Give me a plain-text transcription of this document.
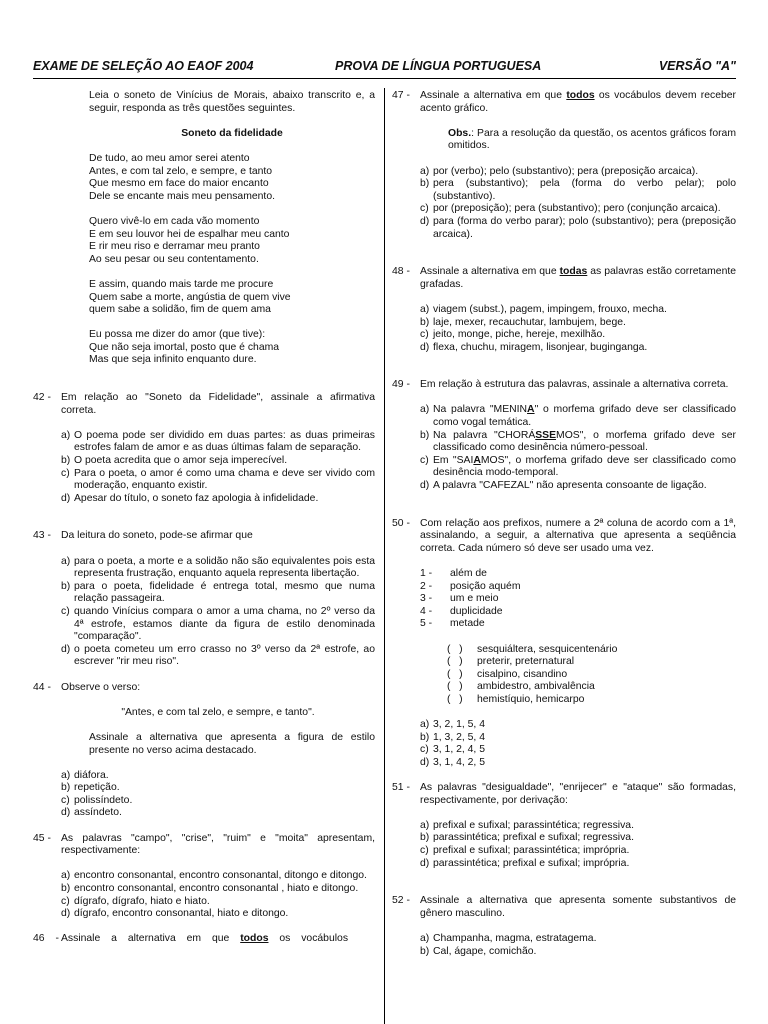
EXAME DE SELEÇÃO AO EAOF 2004	PROVA DE LÍNGUA PORTUGUESA	VERSÃO "A"
Leia o soneto de Vinícius de Morais, abaixo transcrito e, a seguir, responda as três questões seguintes.
Soneto da fidelidade
De tudo, ao meu amor serei atento
Antes, e com tal zelo, e sempre, e tanto
Que mesmo em face do maior encanto
Dele se encante mais meu pensamento.
Quero vivê-lo em cada vão momento
E em seu louvor hei de espalhar meu canto
E rir meu riso e derramar meu pranto
Ao seu pesar ou seu contentamento.
E assim, quando mais tarde me procure
Quem sabe a morte, angústia de quem vive
quem sabe a solidão, fim de quem ama
Eu possa me dizer do amor (que tive):
Que não seja imortal, posto que é chama
Mas que seja infinito enquanto dure.
42 - Em relação ao "Soneto da Fidelidade", assinale a afirmativa correta.
a) O poema pode ser dividido em duas partes: as duas primeiras estrofes falam de amor e as duas últimas falam de separação.
b) O poeta acredita que o amor seja imperecível.
c) Para o poeta, o amor é como uma chama e deve ser vivido com moderação, enquanto existir.
d) Apesar do título, o soneto faz apologia à infidelidade.
43 - Da leitura do soneto, pode-se afirmar que
a) para o poeta, a morte e a solidão não são equivalentes pois esta representa frustração, enquanto aquela representa libertação.
b) para o poeta, fidelidade é entrega total, mesmo que numa relação passageira.
c) quando Vinícius compara o amor a uma chama, no 2º verso da 4ª estrofe, estamos diante da figura de estilo denominada "comparação".
d) o poeta cometeu um erro crasso no 3º verso da 2ª estrofe, ao escrever "rir meu riso".
44 - Observe o verso:
"Antes, e com tal zelo, e sempre, e tanto".
Assinale a alternativa que apresenta a figura de estilo presente no verso acima destacado.
a) diáfora.
b) repetição.
c) polissíndeto.
d) assíndeto.
45 - As palavras "campo", "crise", "ruim" e "moita" apresentam, respectivamente:
a) encontro consonantal, encontro consonantal, ditongo e ditongo.
b) encontro consonantal, encontro consonantal , hiato e ditongo.
c) dígrafo, dígrafo, hiato e hiato.
d) dígrafo, encontro consonantal, hiato e ditongo.
46 - Assinale a alternativa em que todos os vocábulos
47 - Assinale a alternativa em que todos os vocábulos devem receber acento gráfico.
Obs.: Para a resolução da questão, os acentos gráficos foram omitidos.
a) por (verbo); pelo (substantivo); pera (preposição arcaica).
b) pera (substantivo); pela (forma do verbo pelar); polo (substantivo).
c) por (preposição); pera (substantivo); pero (conjunção arcaica).
d) para (forma do verbo parar); polo (substantivo); pera (preposição arcaica).
48 - Assinale a alternativa em que todas as palavras estão corretamente grafadas.
a) viagem (subst.), pagem, impingem, frouxo, mecha.
b) laje, mexer, recauchutar, lambujem, bege.
c) jeito, monge, piche, hereje, mexilhão.
d) flexa, chuchu, miragem, lisonjear, buginganga.
49 - Em relação à estrutura das palavras, assinale a alternativa correta.
a) Na palavra "MENINA" o morfema grifado deve ser classificado como vogal temática.
b) Na palavra "CHORÁSSEMOS", o morfema grifado deve ser classificado como desinência número-pessoal.
c) Em "SAIAMOS", o morfema grifado deve ser classificado como desinência modo-temporal.
d) A palavra "CAFEZAL" não apresenta consoante de ligação.
50 - Com relação aos prefixos, numere a 2ª coluna de acordo com a 1ª, assinalando, a seguir, a alternativa que apresenta a seqüência correta. Cada número só deve ser usado uma vez.
1 - além de
2 - posição aquém
3 - um e meio
4 - duplicidade
5 - metade
(   ) sesquiáltera, sesquicentenário
(   ) preterir, preternatural
(   ) cisalpino, cisandino
(   ) ambidestro, ambivalência
(   ) hemistíquio, hemicarpo
a) 3, 2, 1, 5, 4
b) 1, 3, 2, 5, 4
c) 3, 1, 2, 4, 5
d) 3, 1, 4, 2, 5
51 - As palavras "desigualdade", "enrijecer" e "ataque" são formadas, respectivamente, por derivação:
a) prefixal e sufixal; parassintética; regressiva.
b) parassintética; prefixal e sufixal; regressiva.
c) prefixal e sufixal; parassintética; imprópria.
d) parassintética; prefixal e sufixal; imprópria.
52 - Assinale a alternativa que apresenta somente substantivos de gênero masculino.
a) Champanha, magma, estratagema.
b) Cal, ágape, comichão.
